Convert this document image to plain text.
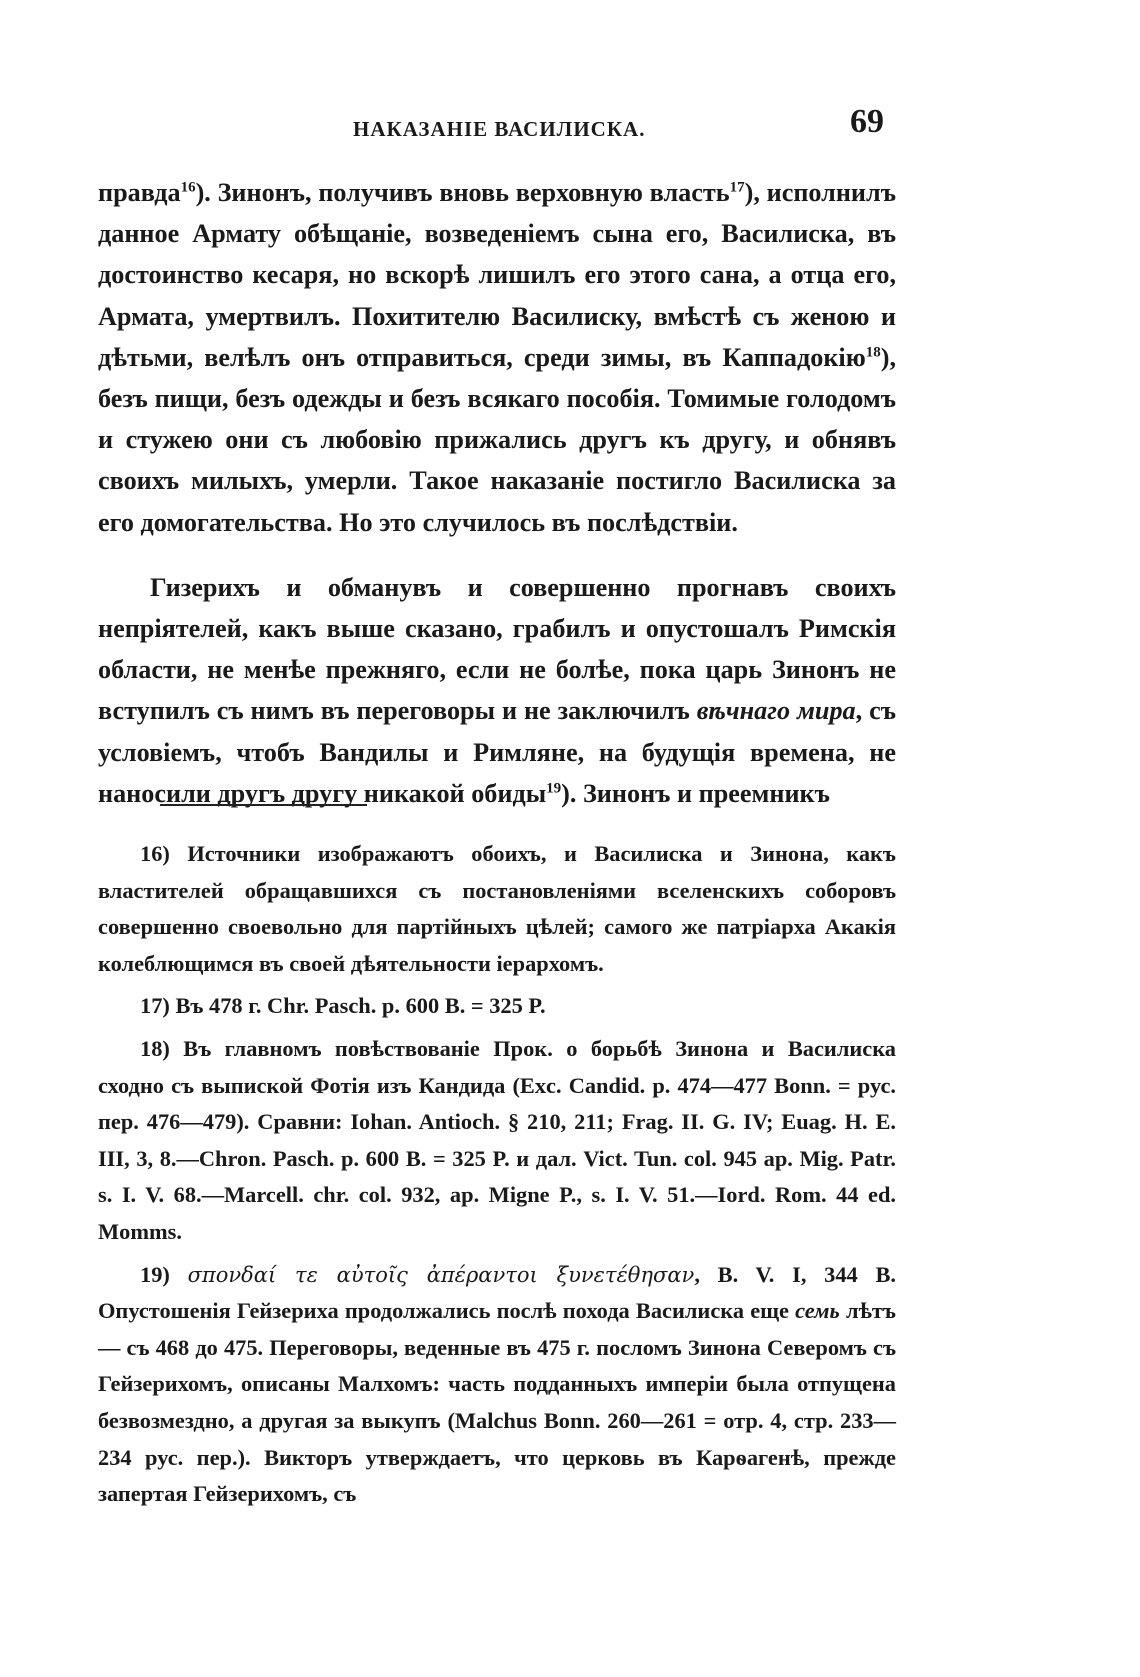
НАКАЗАНІЕ ВАСИЛИСКА.	69

правда$^{16}$). Зинонъ, получивъ вновь верховную власть$^{17}$), исполнилъ данное Армату обѣщаніе, возведеніемъ сына его, Василиска, въ достоинство кесаря, но вскорѣ лишилъ его этого сана, а отца его, Армата, умертвилъ. Похитителю Василиску, вмѣстѣ съ женою и дѣтьми, велѣлъ онъ отправиться, среди зимы, въ Каппадокію$^{18}$), безъ пищи, безъ одежды и безъ всякаго пособія. Томимые голодомъ и стужею они съ любовію прижались другъ къ другу, и обнявъ своихъ милыхъ, умерли. Такое наказаніе постигло Василиска за его домогательства. Но это случилось въ послѣдствіи.

Гизерихъ и обманувъ и совершенно прогнавъ своихъ непріятелей, какъ выше сказано, грабилъ и опустошалъ Римскія области, не менѣе прежняго, если не болѣе, пока царь Зинонъ не вступилъ съ нимъ въ переговоры и не заключилъ вѣчнаго мира, съ условіемъ, чтобъ Вандилы и Римляне, на будущія времена, не наносили другъ другу никакой обиды$^{19}$). Зинонъ и преемникъ

16) Источники изображаютъ обоихъ, и Василиска и Зинона, какъ властителей обращавшихся съ постановленіями вселенскихъ соборовъ совершенно своевольно для партійныхъ цѣлей; самого же патріарха Акакія колеблющимся въ своей дѣятельности іерархомъ.

17) Въ 478 г. Chr. Pasch. p. 600 B. = 325 P.

18) Въ главномъ повѣствованіе Прок. о борьбѣ Зинона и Василиска сходно съ выпиской Фотія изъ Кандида (Exc. Candid. p. 474—477 Bonn. = рус. пер. 476—479). Сравни: Iohan. Antioch. § 210, 211; Frag. II. G. IV; Euag. H. E. III, 3, 8.—Chron. Pasch. p. 600 B. = 325 P. и дал. Vict. Tun. col. 945 ap. Mig. Patr. s. I. V. 68.—Marcell. chr. col. 932, ap. Migne P., s. I. V. 51.—Iord. Rom. 44 ed. Momms.

19) σπονδαί τε αὐτοῖς ἀπέραντοι ξυνετέθησαν, B. V. I, 344 B. Опустошенія Гейзериха продолжались послѣ похода Василиска еще семь лѣтъ — съ 468 до 475. Переговоры, веденные въ 475 г. посломъ Зинона Северомъ съ Гейзерихомъ, описаны Малхомъ: часть подданныхъ имперіи была отпущена безвозмездно, а другая за выкупъ (Malchus Bonn. 260—261 = отр. 4, стр. 233—234 рус. пер.). Викторъ утверждаетъ, что церковь въ Карѳагенѣ, прежде запертая Гейзерихомъ, съ
